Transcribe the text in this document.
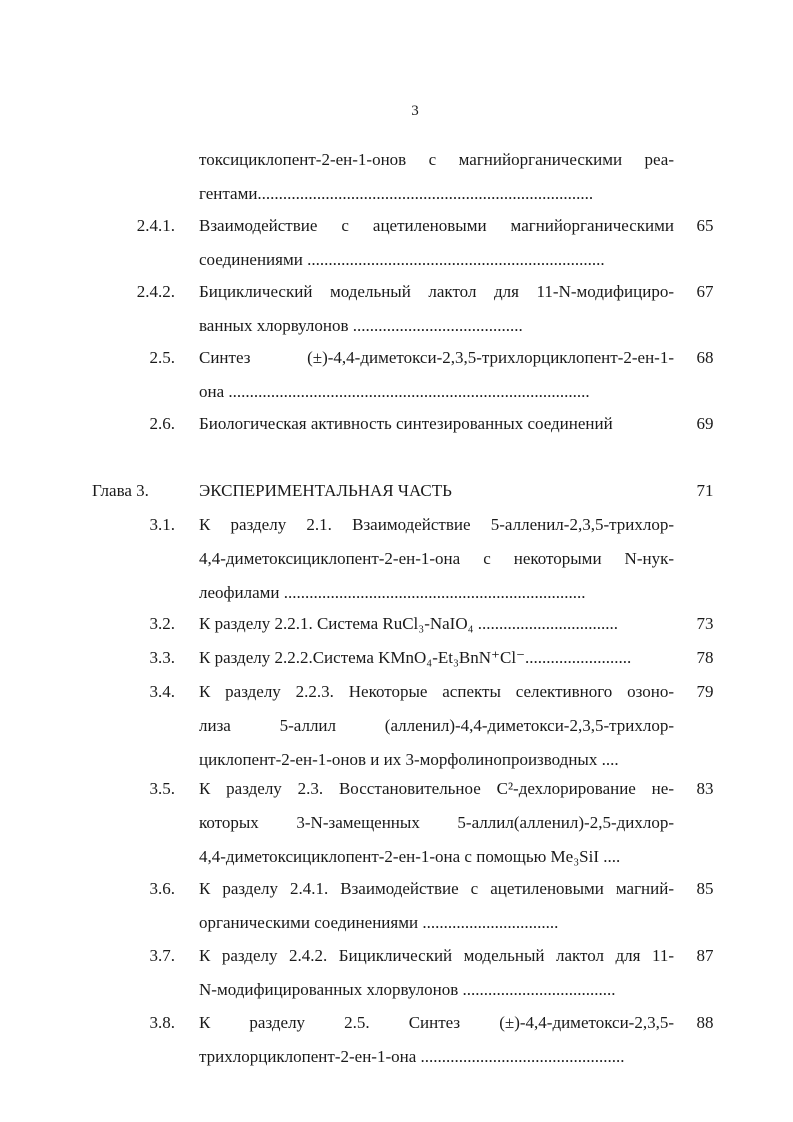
3
токсициклопент-2-ен-1-онов с магнийорганическими реа-
гентами...............................................................................
2.4.1. Взаимодействие с ацетиленовыми магнийорганическими
соединениями ......................................................................
65
2.4.2. Бициклический модельный лактол для 11-N-модифициро-
ванных хлорвулонов ........................................
67
2.5. Синтез (±)-4,4-диметокси-2,3,5-трихлорциклопент-2-ен-1-
она .....................................................................................
68
2.6. Биологическая активность синтезированных соединений	69
Глава 3.	ЭКСПЕРИМЕНТАЛЬНАЯ ЧАСТЬ	71
3.1. К разделу 2.1. Взаимодействие 5-алленил-2,3,5-трихлор-
4,4-диметоксициклопент-2-ен-1-она с некоторыми N-нук-
леофилами .......................................................................
3.2. К разделу 2.2.1. Система RuCl₃-NaIO₄ .................................	73
3.3. К разделу 2.2.2.Система KMnO₄-Et₃BnN⁺Cl⁻.........................	78
3.4. К разделу 2.2.3. Некоторые аспекты селективного озоно-
лиза 5-аллил (алленил)-4,4-диметокси-2,3,5-трихлор-
циклопент-2-ен-1-онов и их 3-морфолинопроизводных ....
79
3.5. К разделу 2.3. Восстановительное C²-дехлорирование не-
которых 3-N-замещенных 5-аллил(алленил)-2,5-дихлор-
4,4-диметоксициклопент-2-ен-1-она с помощью Me₃SiI ....
83
3.6. К разделу 2.4.1. Взаимодействие с ацетиленовыми магний-
органическими соединениями ................................
85
3.7. К разделу 2.4.2. Бициклический модельный лактол для 11-
N-модифицированных хлорвулонов ....................................
87
3.8. К разделу 2.5. Синтез (±)-4,4-диметокси-2,3,5-
трихлорциклопент-2-ен-1-она ................................................
88
